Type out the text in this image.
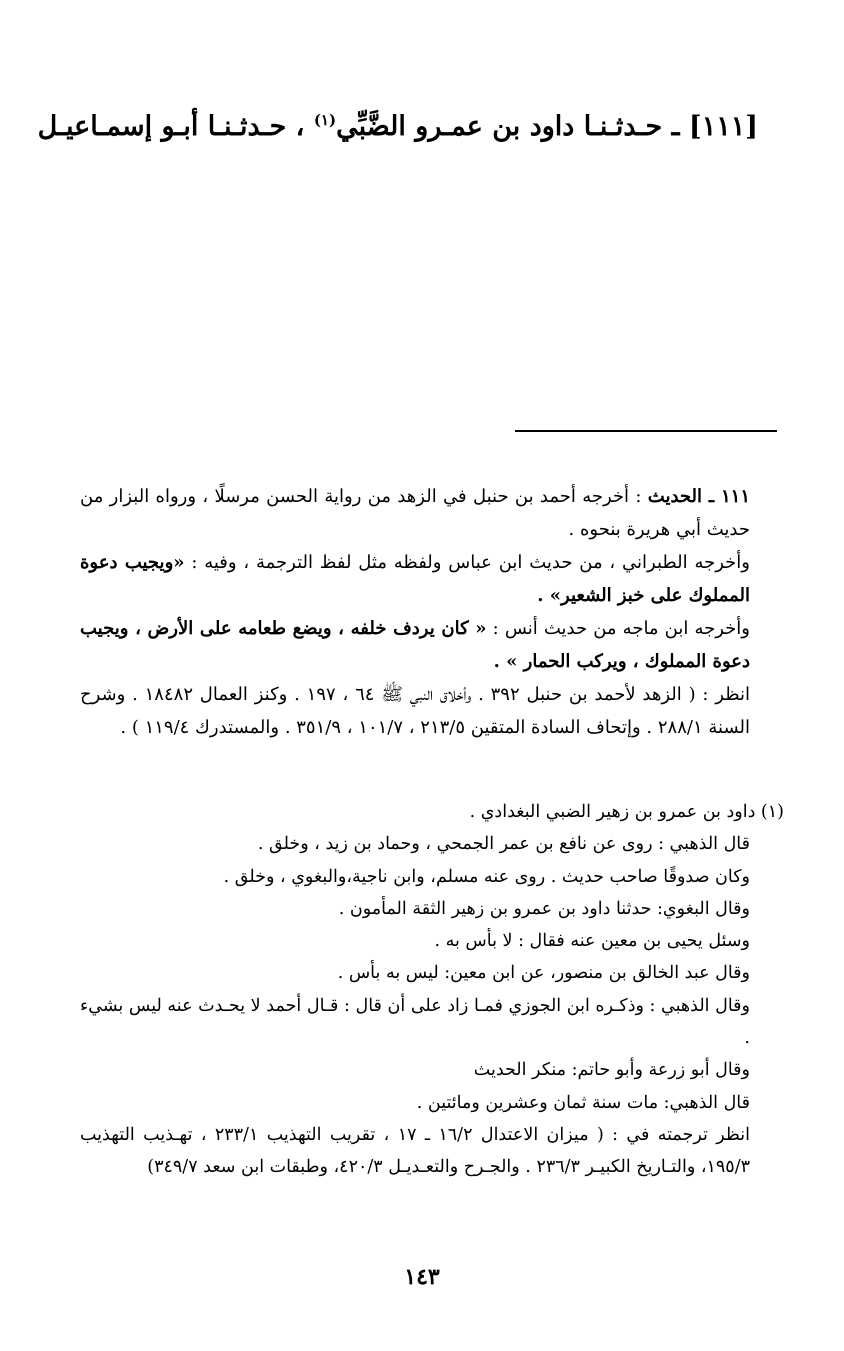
[١١١] ـ حـدثـنـا داود بن عمـرو الضَّبِّي$^{(١)}$ ، حـدثـنـا أبـو إسمـاعيـل

١١١ ـ الحديث : أخرجه أحمد بن حنبل في الزهد من رواية الحسن مرسلًا ، ورواه البزار من حديث أبي هريرة بنحوه .

وأخرجه الطبراني ، من حديث ابن عباس ولفظه مثل لفظ الترجمة ، وفيه : «ويجيب دعوة المملوك على خبز الشعير» .

وأخرجه ابن ماجه من حديث أنس : « كان يردف خلفه ، ويضع طعامه على الأرض ، ويجيب دعوة المملوك ، ويركب الحمار » .

انظر : ( الزهد لأحمد بن حنبل ٣٩٢ . وأخلاق النبي ﷺ ٦٤ ، ١٩٧ . وكنز العمال ١٨٤٨٢ . وشرح السنة ٢٨٨/١ . وإتحاف السادة المتقين ٢١٣/٥ ، ١٠١/٧ ، ٣٥١/٩ . والمستدرك ١١٩/٤ ) .

(١) داود بن عمرو بن زهير الضبي البغدادي .

قال الذهبي : روى عن نافع بن عمر الجمحي ، وحماد بن زيد ، وخلق .

وكان صدوقًا صاحب حديث . روى عنه مسلم، وابن ناجية،والبغوي ، وخلق .

وقال البغوي: حدثنا داود بن عمرو بن زهير الثقة المأمون .

وسئل يحيى بن معين عنه فقال : لا بأس به .

وقال عبد الخالق بن منصور، عن ابن معين: ليس به بأس .

وقال الذهبي : وذكـره ابن الجوزي فمـا زاد على أن قال : قـال أحمد لا يحـدث عنه ليس بشيء .

وقال أبو زرعة وأبو حاتم: منكر الحديث

قال الذهبي: مات سنة ثمان وعشرين ومائتين .

انظر ترجمته في : ( ميزان الاعتدال ١٦/٢ ـ ١٧ ، تقريب التهذيب ٢٣٣/١ ، تهـذيب التهذيب ١٩٥/٣، والتـاريخ الكبيـر ٢٣٦/٣ . والجـرح والتعـديـل ٤٢٠/٣، وطبقات ابن سعد ٣٤٩/٧)

١٤٣
